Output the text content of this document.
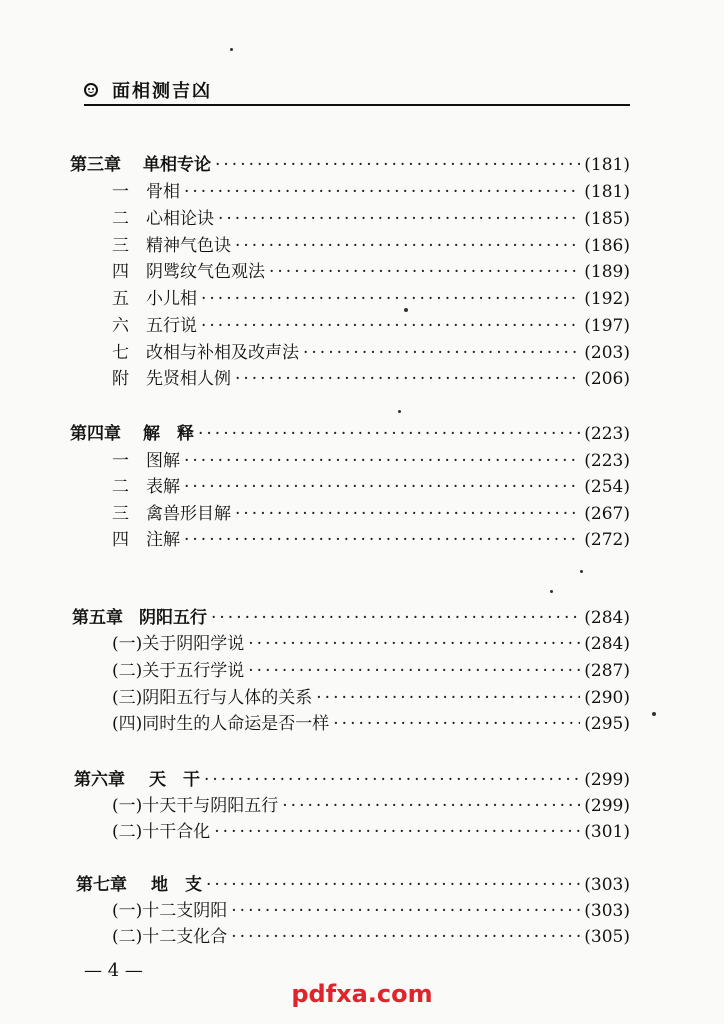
面相测吉凶
第三章 单相专论 ·····	(181)
一	骨相 ·····	(181)
二	心相论诀 ·····	(185)
三	精神气色诀 ·····	(186)
四	阴骘纹气色观法 ·····	(189)
五	小儿相 ·····	(192)
六	五行说 ·····	(197)
七	改相与补相及改声法 ·····	(203)
附	先贤相人例 ·····	(206)
第四章 解　释 ·····	(223)
一	图解 ·····	(223)
二	表解 ·····	(254)
三	禽兽形目解 ·····	(267)
四	注解 ·····	(272)
第五章 阴阳五行 ·····	(284)
(一) 关于阴阳学说 ·····	(284)
(二) 关于五行学说 ·····	(287)
(三) 阴阳五行与人体的关系 ·····	(290)
(四) 同时生的人命运是否一样 ·····	(295)
第六章 天　干 ·····	(299)
(一) 十天干与阴阳五行 ·····	(299)
(二) 十干合化 ·····	(301)
第七章 地　支 ·····	(303)
(一) 十二支阴阳 ·····	(303)
(二) 十二支化合 ·····	(305)
— 4 —
pdfxa.com
